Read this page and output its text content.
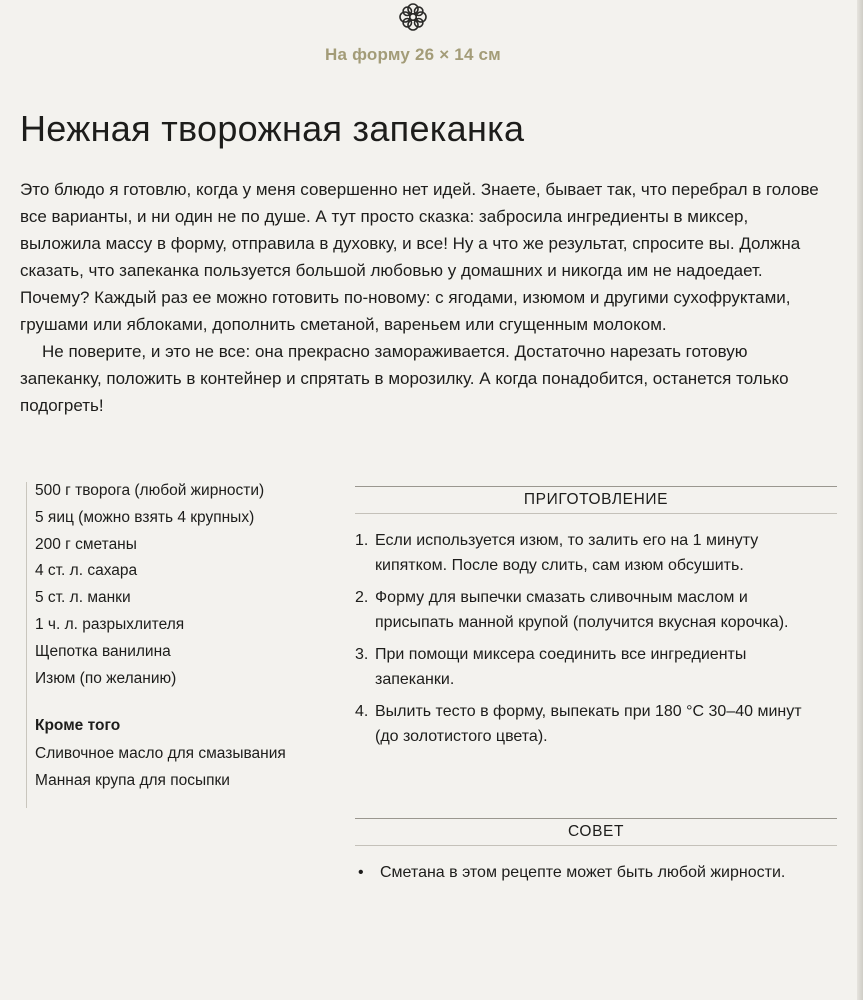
На форму 26 × 14 см
Нежная творожная запеканка

Это блюдо я готовлю, когда у меня совершенно нет идей. Знаете, бывает так, что перебрал в голове все варианты, и ни один не по душе. А тут просто сказка: забросила ингредиенты в миксер, выложила массу в форму, отправила в духовку, и все! Ну а что же результат, спросите вы. Должна сказать, что запеканка пользуется большой любовью у домашних и никогда им не надоедает. Почему? Каждый раз ее можно готовить по-новому: с ягодами, изюмом и другими сухофруктами, грушами или яблоками, дополнить сметаной, вареньем или сгущенным молоком.

Не поверите, и это не все: она прекрасно замораживается. Достаточно нарезать готовую запеканку, положить в контейнер и спрятать в морозилку. А когда понадобится, останется только подогреть!

500 г творога (любой жирности)
5 яиц (можно взять 4 крупных)
200 г сметаны
4 ст. л. сахара
5 ст. л. манки
1 ч. л. разрыхлителя
Щепотка ванилина
Изюм (по желанию)
Кроме того
Сливочное масло для смазывания
Манная крупа для посыпки
ПРИГОТОВЛЕНИЕ
1. Если используется изюм, то залить его на 1 минуту кипятком. После воду слить, сам изюм обсушить.
2. Форму для выпечки смазать сливочным маслом и присыпать манной крупой (получится вкусная корочка).
3. При помощи миксера соединить все ингредиенты запеканки.
4. Вылить тесто в форму, выпекать при 180 °С 30–40 минут (до золотистого цвета).
СОВЕТ
• Сметана в этом рецепте может быть любой жирности.
